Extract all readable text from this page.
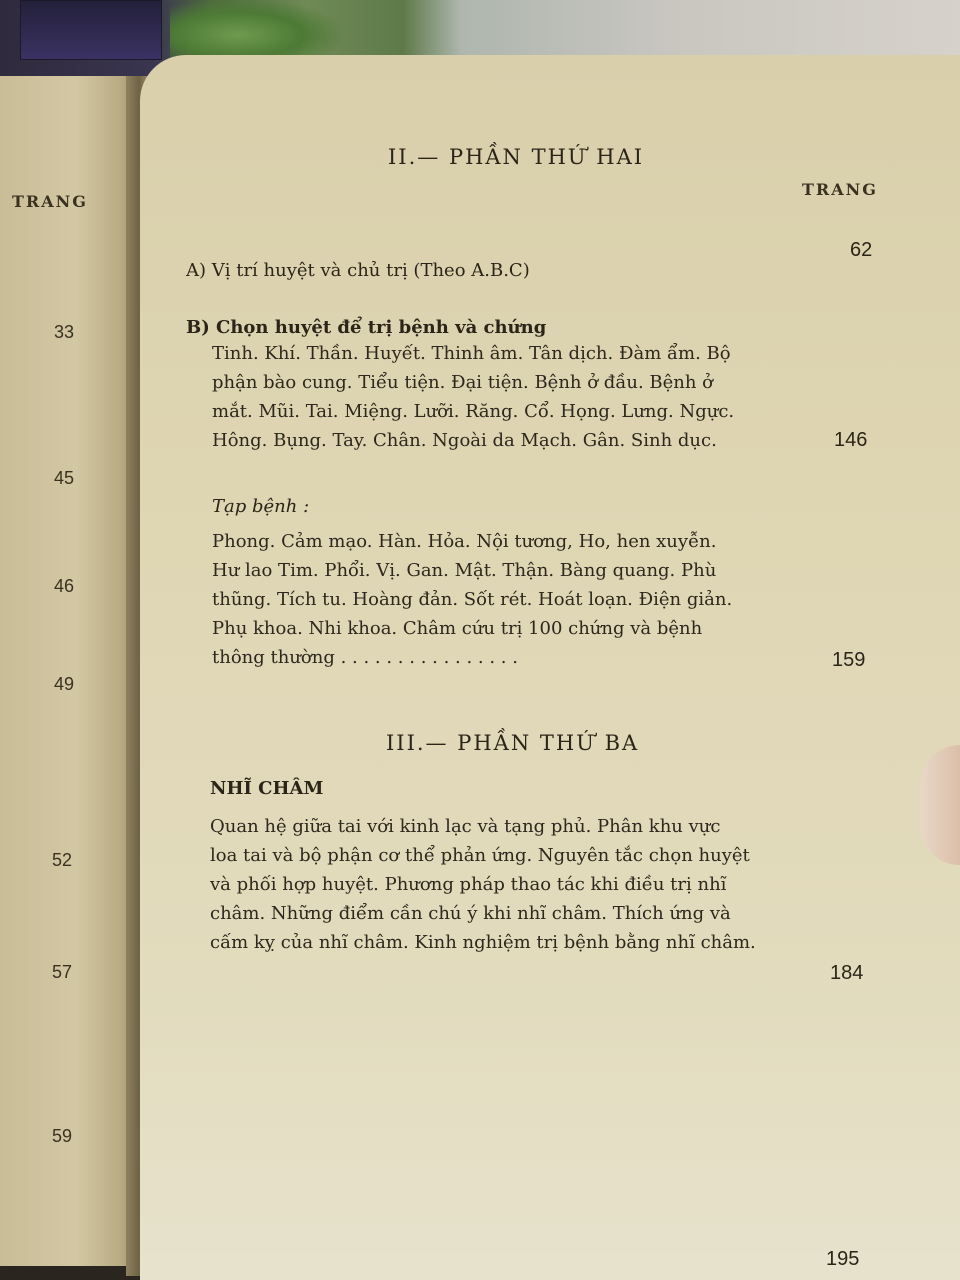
TRANG
33
45
46
49
52
57
59
II.— PHẦN THỨ HAI
TRANG
62
A) Vị trí huyệt và chủ trị (Theo A.B.C)
B) Chọn huyệt để trị bệnh và chứng
Tinh. Khí. Thần. Huyết. Thinh âm. Tân dịch. Đàm ẩm. Bộ
phận bào cung. Tiểu tiện. Đại tiện. Bệnh ở đầu. Bệnh ở
mắt. Mũi. Tai. Miệng. Lưỡi. Răng. Cổ. Họng. Lưng. Ngực.
Hông. Bụng. Tay. Chân. Ngoài da Mạch. Gân. Sinh dục.	146
Tạp bệnh :
Phong. Cảm mạo. Hàn. Hỏa. Nội tương, Ho, hen xuyễn.
Hư lao Tim. Phổi. Vị. Gan. Mật. Thận. Bàng quang. Phù
thũng. Tích tu. Hoàng đản. Sốt rét. Hoát loạn. Điện giản.
Phụ khoa. Nhi khoa. Châm cứu trị 100 chứng và bệnh
thông thường . . . . . . . . . . . . . . . .	159
III.— PHẦN THỨ BA
NHĨ CHÂM
Quan hệ giữa tai với kinh lạc và tạng phủ. Phân khu vực
loa tai và bộ phận cơ thể phản ứng. Nguyên tắc chọn huyệt
và phối hợp huyệt. Phương pháp thao tác khi điều trị nhĩ
châm. Những điểm cần chú ý khi nhĩ châm. Thích ứng và
cấm kỵ của nhĩ châm. Kinh nghiệm trị bệnh bằng nhĩ châm.
184
195
